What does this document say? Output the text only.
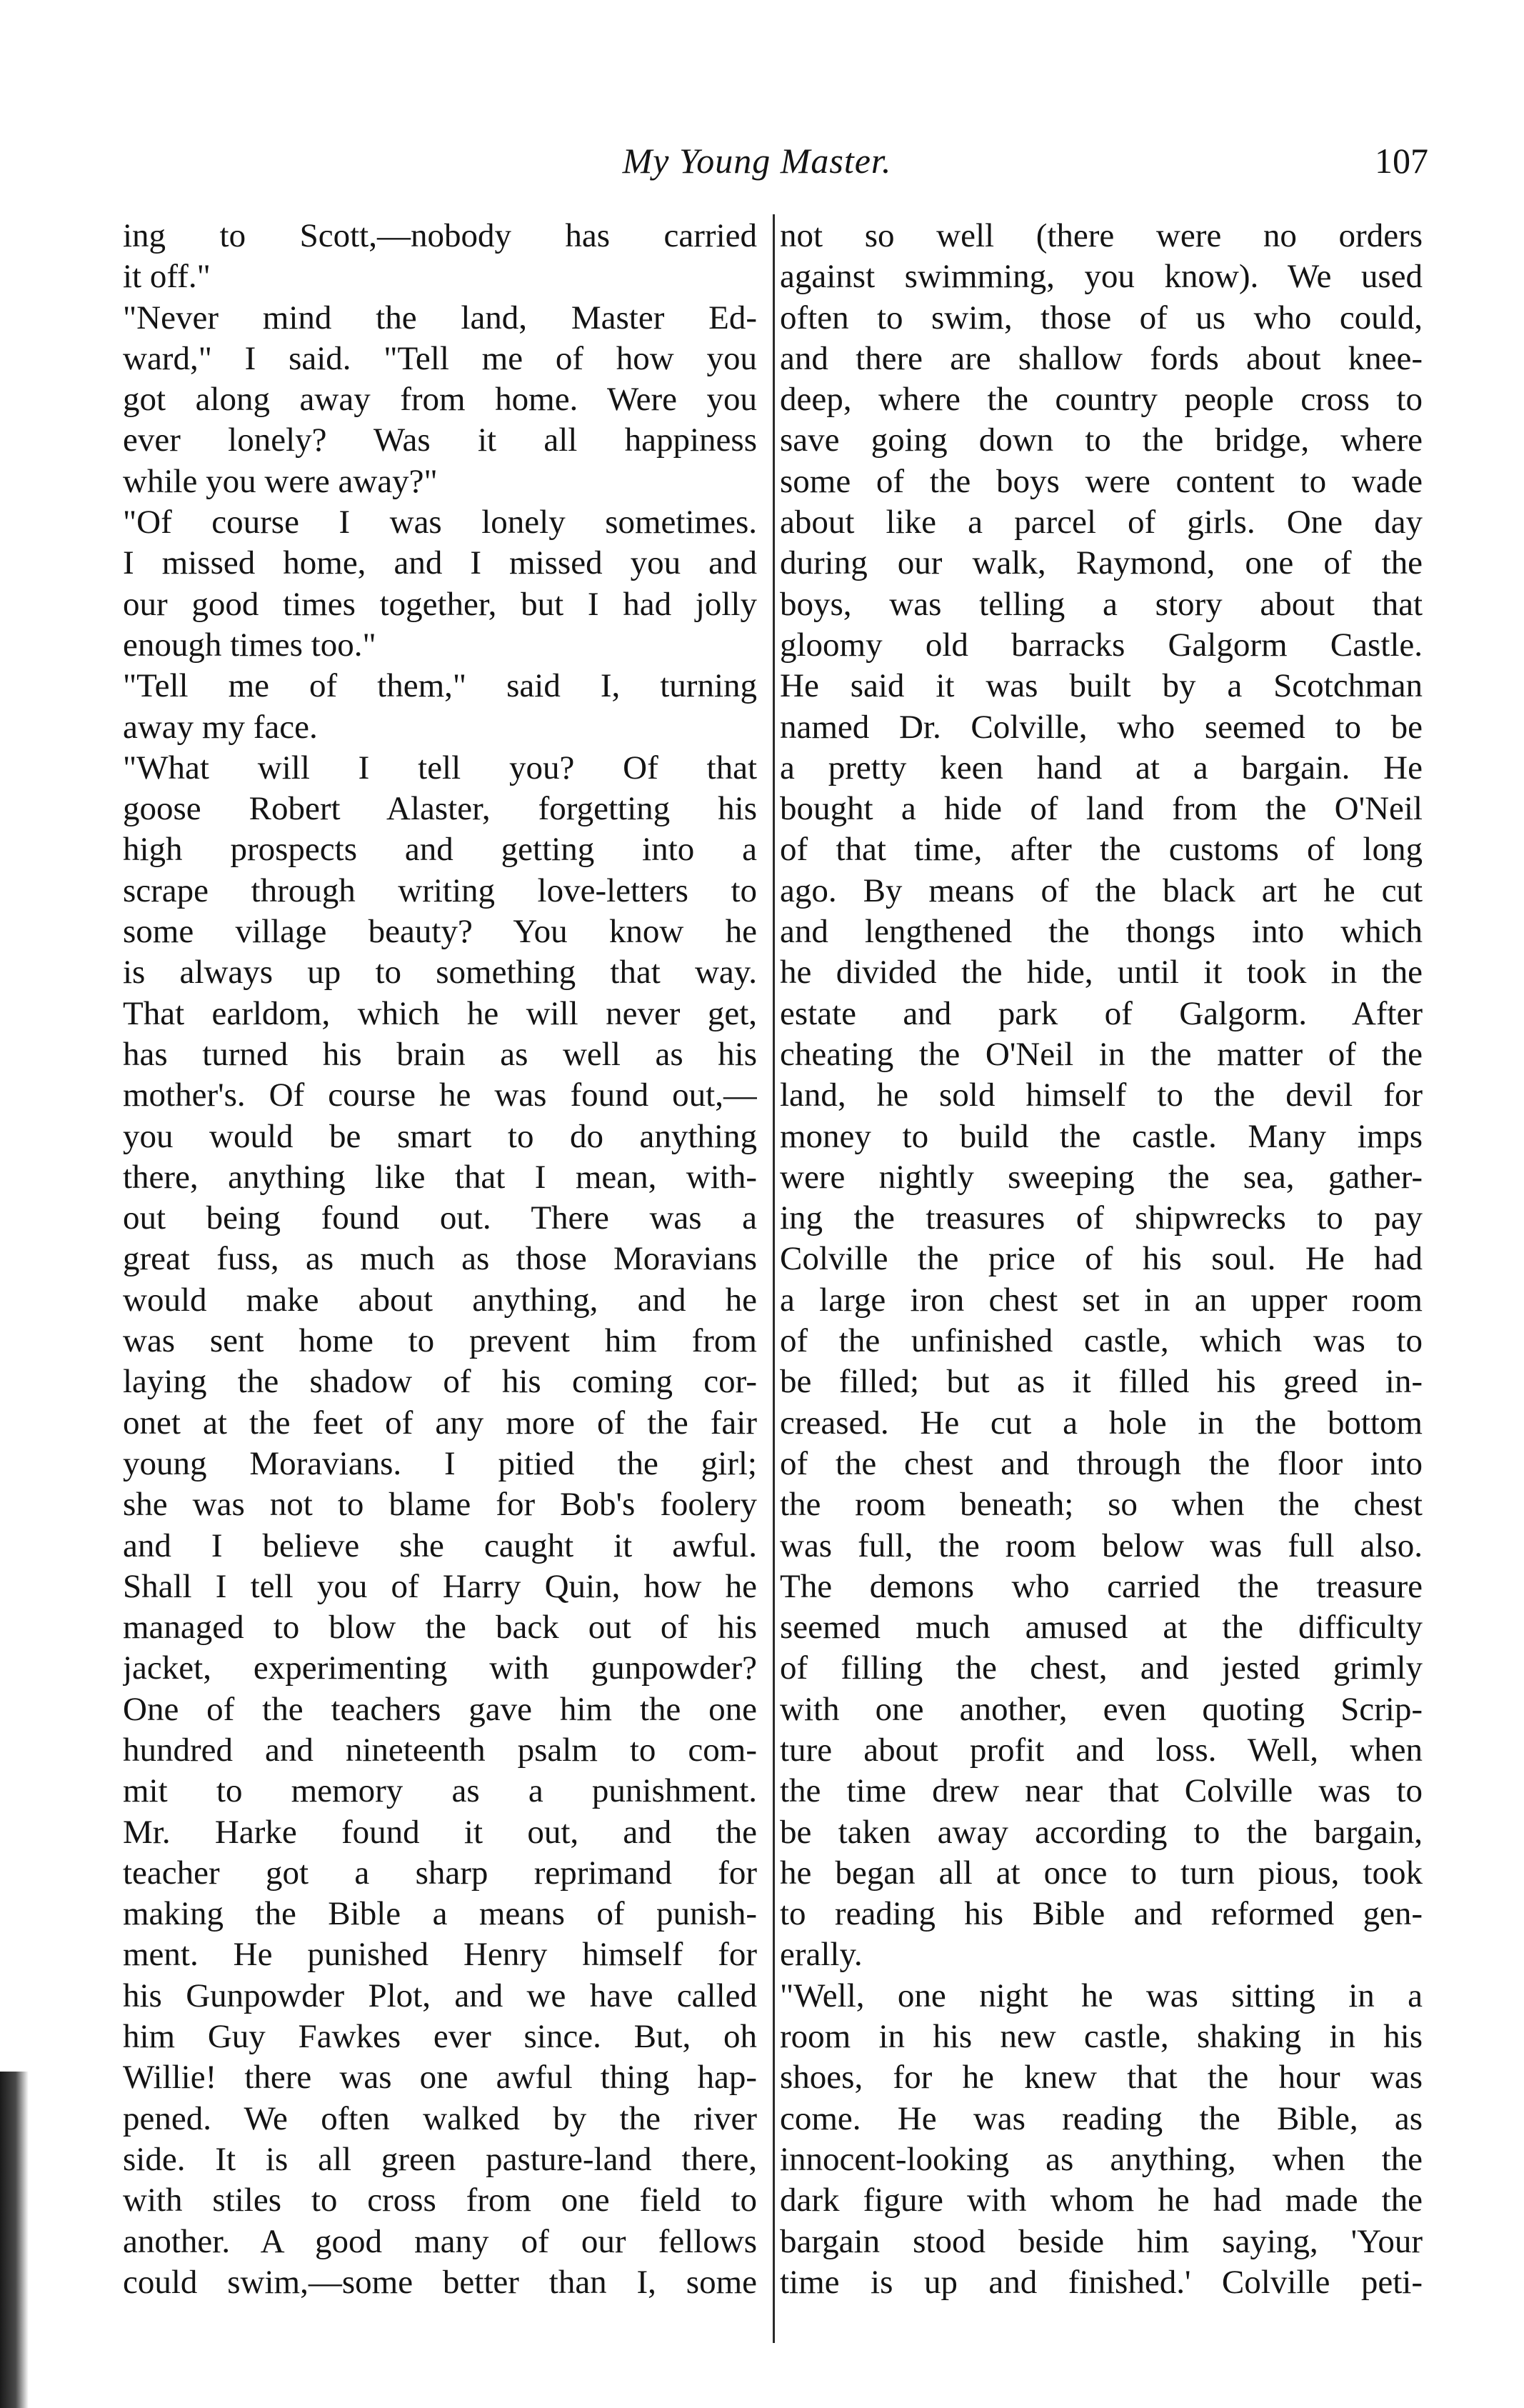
My Young Master.	107
ing to Scott,—nobody has carried
it off."
"Never mind the land, Master Ed-
ward," I said. "Tell me of how you
got along away from home. Were you
ever lonely? Was it all happiness
while you were away?"
"Of course I was lonely sometimes.
I missed home, and I missed you and
our good times together, but I had jolly
enough times too."
"Tell me of them," said I, turning
away my face.
"What will I tell you? Of that
goose Robert Alaster, forgetting his
high prospects and getting into a
scrape through writing love-letters to
some village beauty? You know he
is always up to something that way.
That earldom, which he will never get,
has turned his brain as well as his
mother's. Of course he was found out,—
you would be smart to do anything
there, anything like that I mean, with-
out being found out. There was a
great fuss, as much as those Moravians
would make about anything, and he
was sent home to prevent him from
laying the shadow of his coming cor-
onet at the feet of any more of the fair
young Moravians. I pitied the girl;
she was not to blame for Bob's foolery
and I believe she caught it awful.
Shall I tell you of Harry Quin, how he
managed to blow the back out of his
jacket, experimenting with gunpowder?
One of the teachers gave him the one
hundred and nineteenth psalm to com-
mit to memory as a punishment.
Mr. Harke found it out, and the
teacher got a sharp reprimand for
making the Bible a means of punish-
ment. He punished Henry himself for
his Gunpowder Plot, and we have called
him Guy Fawkes ever since. But, oh
Willie! there was one awful thing hap-
pened. We often walked by the river
side. It is all green pasture-land there,
with stiles to cross from one field to
another. A good many of our fellows
could swim,—some better than I, some
not so well (there were no orders
against swimming, you know). We used
often to swim, those of us who could,
and there are shallow fords about knee-
deep, where the country people cross to
save going down to the bridge, where
some of the boys were content to wade
about like a parcel of girls. One day
during our walk, Raymond, one of the
boys, was telling a story about that
gloomy old barracks Galgorm Castle.
He said it was built by a Scotchman
named Dr. Colville, who seemed to be
a pretty keen hand at a bargain. He
bought a hide of land from the O'Neil
of that time, after the customs of long
ago. By means of the black art he cut
and lengthened the thongs into which
he divided the hide, until it took in the
estate and park of Galgorm. After
cheating the O'Neil in the matter of the
land, he sold himself to the devil for
money to build the castle. Many imps
were nightly sweeping the sea, gather-
ing the treasures of shipwrecks to pay
Colville the price of his soul. He had
a large iron chest set in an upper room
of the unfinished castle, which was to
be filled; but as it filled his greed in-
creased. He cut a hole in the bottom
of the chest and through the floor into
the room beneath; so when the chest
was full, the room below was full also.
The demons who carried the treasure
seemed much amused at the difficulty
of filling the chest, and jested grimly
with one another, even quoting Scrip-
ture about profit and loss. Well, when
the time drew near that Colville was to
be taken away according to the bargain,
he began all at once to turn pious, took
to reading his Bible and reformed gen-
erally.
"Well, one night he was sitting in a
room in his new castle, shaking in his
shoes, for he knew that the hour was
come. He was reading the Bible, as
innocent-looking as anything, when the
dark figure with whom he had made the
bargain stood beside him saying, 'Your
time is up and finished.' Colville peti-
